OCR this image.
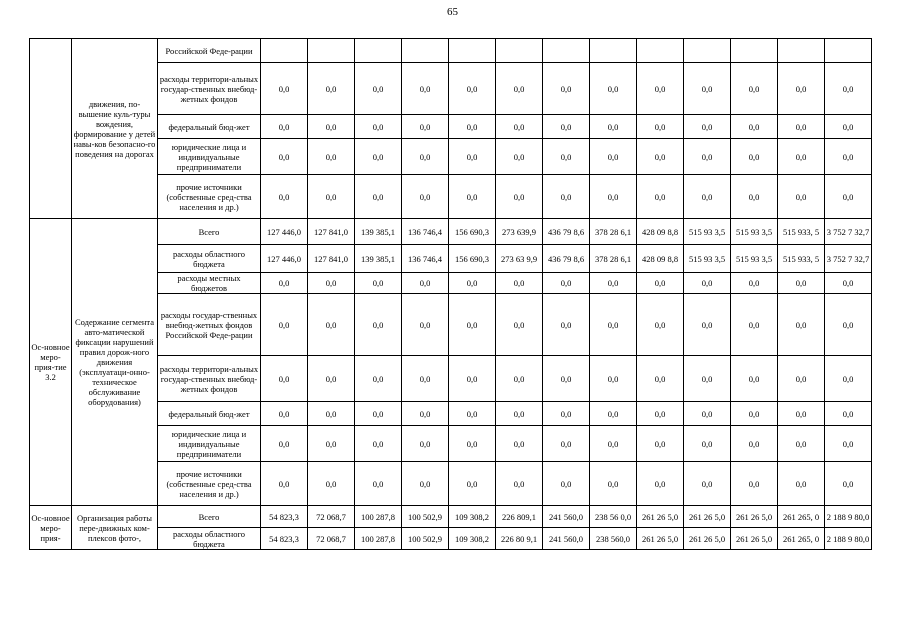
65
	движения, по-вышение куль-туры вождения, формирование у детей навы-ков безопасно-го поведения на дорогах	Российской Феде-рации													
		расходы территори-альных государ-ственных внебюд-жетных фондов	0,0	0,0	0,0	0,0	0,0	0,0	0,0	0,0	0,0	0,0	0,0	0,0	0,0
		федеральный бюд-жет	0,0	0,0	0,0	0,0	0,0	0,0	0,0	0,0	0,0	0,0	0,0	0,0	0,0
		юридические лица и индивидуальные предприниматели	0,0	0,0	0,0	0,0	0,0	0,0	0,0	0,0	0,0	0,0	0,0	0,0	0,0
		прочие источники (собственные сред-ства населения и др.)	0,0	0,0	0,0	0,0	0,0	0,0	0,0	0,0	0,0	0,0	0,0	0,0	0,0
Ос-новное меро-прия-тие 3.2	Содержание сегмента авто-матической фиксации нарушений правил дорож-ного движения (эксплуатаци-онно-техническое обслуживание оборудования)	Всего	127 446,0	127 841,0	139 385,1	136 746,4	156 690,3	273 639,9	436 79 8,6	378 28 6,1	428 09 8,8	515 93 3,5	515 93 3,5	515 933, 5	3 752 7 32,7
		расходы областного бюджета	127 446,0	127 841,0	139 385,1	136 746,4	156 690,3	273 63 9,9	436 79 8,6	378 28 6,1	428 09 8,8	515 93 3,5	515 93 3,5	515 933, 5	3 752 7 32,7
		расходы местных бюджетов	0,0	0,0	0,0	0,0	0,0	0,0	0,0	0,0	0,0	0,0	0,0	0,0	0,0
		расходы государ-ственных внебюд-жетных фондов Российской Феде-рации	0,0	0,0	0,0	0,0	0,0	0,0	0,0	0,0	0,0	0,0	0,0	0,0	0,0
		расходы территори-альных государ-ственных внебюд-жетных фондов	0,0	0,0	0,0	0,0	0,0	0,0	0,0	0,0	0,0	0,0	0,0	0,0	0,0
		федеральный бюд-жет	0,0	0,0	0,0	0,0	0,0	0,0	0,0	0,0	0,0	0,0	0,0	0,0	0,0
		юридические лица и индивидуальные предприниматели	0,0	0,0	0,0	0,0	0,0	0,0	0,0	0,0	0,0	0,0	0,0	0,0	0,0
		прочие источники (собственные сред-ства населения и др.)	0,0	0,0	0,0	0,0	0,0	0,0	0,0	0,0	0,0	0,0	0,0	0,0	0,0
Ос-новное меро-прия-	Организация работы пере-движных ком-плексов фото-,	Всего	54 823,3	72 068,7	100 287,8	100 502,9	109 308,2	226 809,1	241 560,0	238 56 0,0	261 26 5,0	261 26 5,0	261 26 5,0	261 265, 0	2 188 9 80,0
		расходы областного бюджета	54 823,3	72 068,7	100 287,8	100 502,9	109 308,2	226 80 9,1	241 560,0	238 560,0	261 26 5,0	261 26 5,0	261 26 5,0	261 265, 0	2 188 9 80,0
